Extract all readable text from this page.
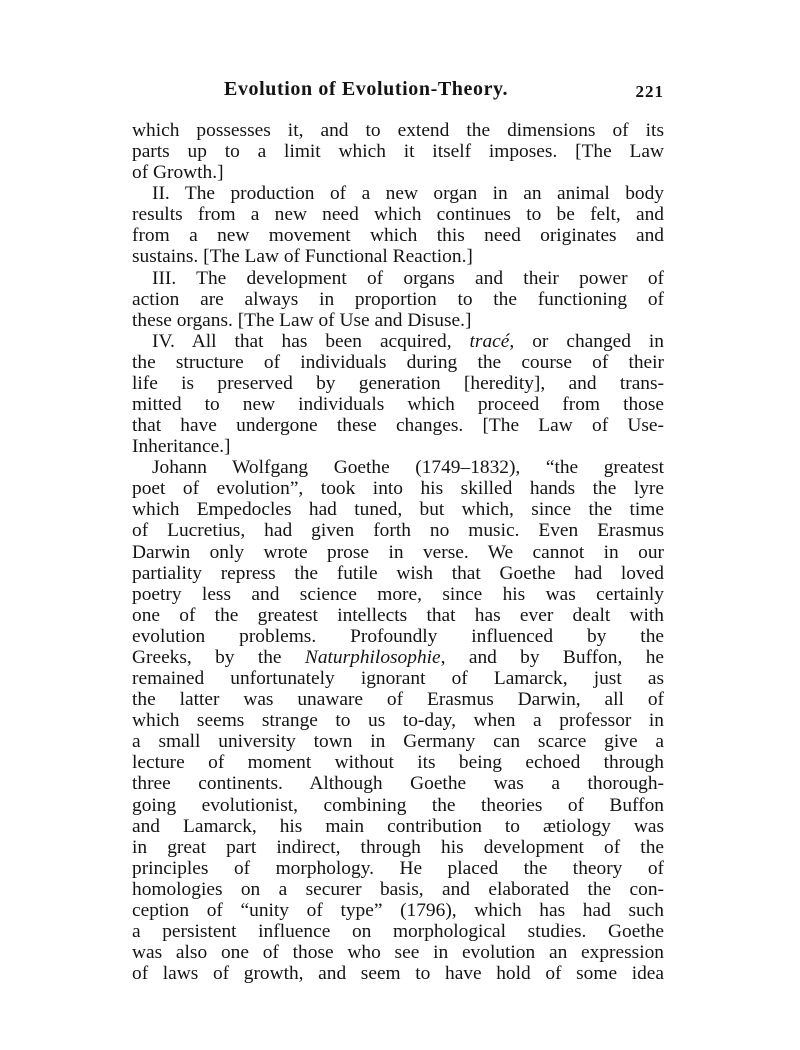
Evolution of Evolution-Theory.	221
which possesses it, and to extend the dimensions of its
parts up to a limit which it itself imposes. [The Law
of Growth.]
II. The production of a new organ in an animal body
results from a new need which continues to be felt, and
from a new movement which this need originates and
sustains. [The Law of Functional Reaction.]
III. The development of organs and their power of
action are always in proportion to the functioning of
these organs. [The Law of Use and Disuse.]
IV. All that has been acquired, tracé, or changed in
the structure of individuals during the course of their
life is preserved by generation [heredity], and trans-
mitted to new individuals which proceed from those
that have undergone these changes. [The Law of Use-
Inheritance.]
Johann Wolfgang Goethe (1749–1832), “the greatest
poet of evolution”, took into his skilled hands the lyre
which Empedocles had tuned, but which, since the time
of Lucretius, had given forth no music. Even Erasmus
Darwin only wrote prose in verse. We cannot in our
partiality repress the futile wish that Goethe had loved
poetry less and science more, since his was certainly
one of the greatest intellects that has ever dealt with
evolution problems. Profoundly influenced by the
Greeks, by the Naturphilosophie, and by Buffon, he
remained unfortunately ignorant of Lamarck, just as
the latter was unaware of Erasmus Darwin, all of
which seems strange to us to-day, when a professor in
a small university town in Germany can scarce give a
lecture of moment without its being echoed through
three continents. Although Goethe was a thorough-
going evolutionist, combining the theories of Buffon
and Lamarck, his main contribution to ætiology was
in great part indirect, through his development of the
principles of morphology. He placed the theory of
homologies on a securer basis, and elaborated the con-
ception of “unity of type” (1796), which has had such
a persistent influence on morphological studies. Goethe
was also one of those who see in evolution an expression
of laws of growth, and seem to have hold of some idea
